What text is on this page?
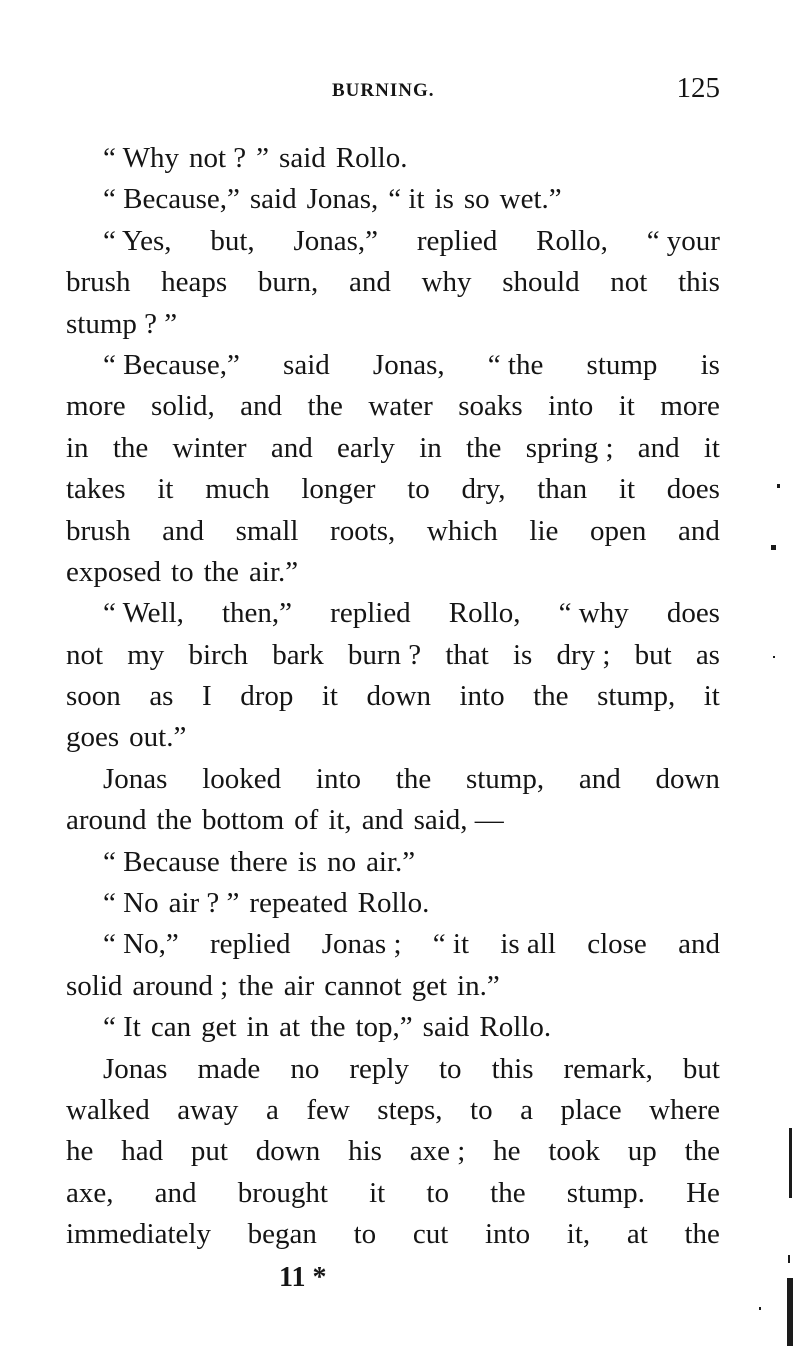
BURNING.	125
“ Why not ? ” said Rollo.
“ Because,” said Jonas, “ it is so wet.”
“ Yes, but, Jonas,” replied Rollo, “ your
brush heaps burn, and why should not this
stump ? ”
“ Because,” said Jonas, “ the stump is
more solid, and the water soaks into it more
in the winter and early in the spring ; and it
takes it much longer to dry, than it does
brush and small roots, which lie open and
exposed to the air.”
“ Well, then,” replied Rollo, “ why does
not my birch bark burn ? that is dry ; but as
soon as I drop it down into the stump, it
goes out.”
Jonas looked into the stump, and down
around the bottom of it, and said, —
“ Because there is no air.”
“ No air ? ” repeated Rollo.
“ No,” replied Jonas ; “ it is all close and
solid around ; the air cannot get in.”
“ It can get in at the top,” said Rollo.
Jonas made no reply to this remark, but
walked away a few steps, to a place where
he had put down his axe ; he took up the
axe, and brought it to the stump. He
immediately began to cut into it, at the
11 *
